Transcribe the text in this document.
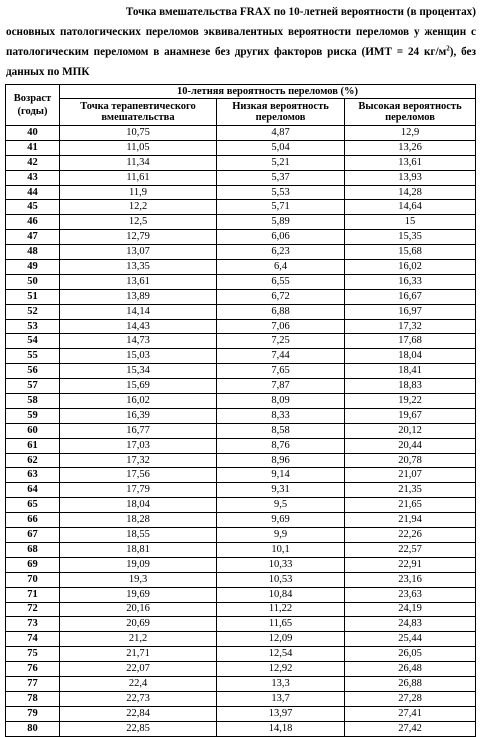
Точка вмешательства FRAX по 10-летней вероятности (в процентах)
основных патологических переломов эквивалентных вероятности переломов у женщин с патологическим переломом в анамнезе без других факторов риска (ИМТ = 24 $кг/м^2$), без данных по МПК
Возраст (годы)	10-летняя вероятность переломов (%)		
	Точка терапевтического вмешательства	Низкая вероятность переломов	Высокая вероятность переломов
40	10,75	4,87	12,9
41	11,05	5,04	13,26
42	11,34	5,21	13,61
43	11,61	5,37	13,93
44	11,9	5,53	14,28
45	12,2	5,71	14,64
46	12,5	5,89	15
47	12,79	6,06	15,35
48	13,07	6,23	15,68
49	13,35	6,4	16,02
50	13,61	6,55	16,33
51	13,89	6,72	16,67
52	14,14	6,88	16,97
53	14,43	7,06	17,32
54	14,73	7,25	17,68
55	15,03	7,44	18,04
56	15,34	7,65	18,41
57	15,69	7,87	18,83
58	16,02	8,09	19,22
59	16,39	8,33	19,67
60	16,77	8,58	20,12
61	17,03	8,76	20,44
62	17,32	8,96	20,78
63	17,56	9,14	21,07
64	17,79	9,31	21,35
65	18,04	9,5	21,65
66	18,28	9,69	21,94
67	18,55	9,9	22,26
68	18,81	10,1	22,57
69	19,09	10,33	22,91
70	19,3	10,53	23,16
71	19,69	10,84	23,63
72	20,16	11,22	24,19
73	20,69	11,65	24,83
74	21,2	12,09	25,44
75	21,71	12,54	26,05
76	22,07	12,92	26,48
77	22,4	13,3	26,88
78	22,73	13,7	27,28
79	22,84	13,97	27,41
80	22,85	14,18	27,42
